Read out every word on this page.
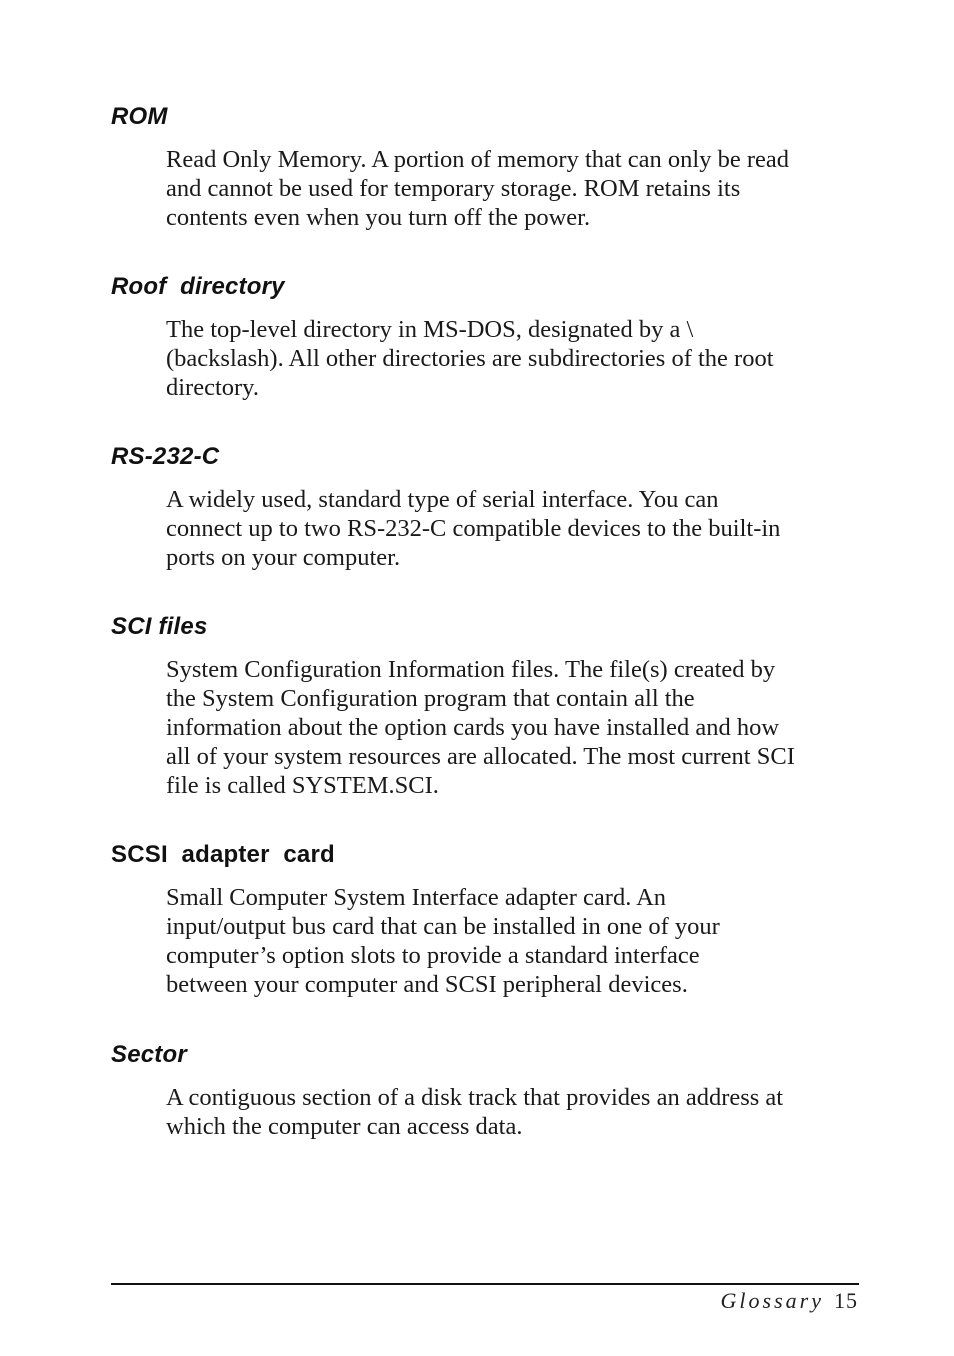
ROM

Read Only Memory. A portion of memory that can only be read
and cannot be used for temporary storage. ROM retains its
contents even when you turn off the power.

Roof  directory

The top-level directory in MS-DOS, designated by a \
(backslash). All other directories are subdirectories of the root
directory.

RS-232-C

A widely used, standard type of serial interface. You can
connect up to two RS-232-C compatible devices to the built-in
ports on your computer.

SCI files

System Configuration Information files. The file(s) created by
the System Configuration program that contain all the
information about the option cards you have installed and how
all of your system resources are allocated. The most current SCI
file is called SYSTEM.SCI.

SCSI  adapter  card

Small Computer System Interface adapter card. An
input/output bus card that can be installed in one of your
computer’s option slots to provide a standard interface
between your computer and SCSI peripheral devices.

Sector

A contiguous section of a disk track that provides an address at
which the computer can access data.

Glossary 15
